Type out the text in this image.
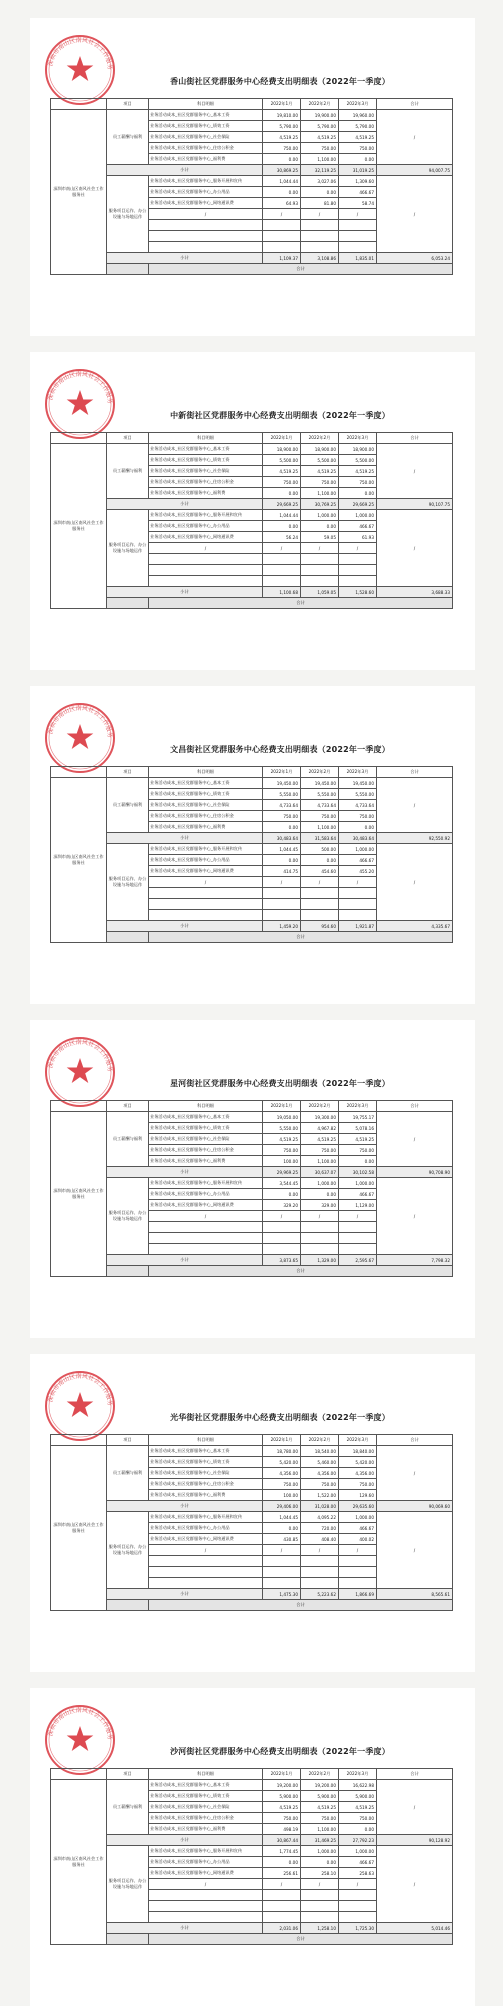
深圳市南山区南风社会工作服务
香山街社区党群服务中心经费支出明细表（2022年一季度）
	项目	科目明细	2022年1月	2022年2月	2022年3月	合计	
深圳市南山区南风社会工作服务社	员工薪酬与福利	业务活动成本_社区党群服务中心_基本工资	19,810.00	19,900.00	19,960.00	/	
		业务活动成本_社区党群服务中心_绩效工资	5,790.00	5,790.00	5,790.00		
		业务活动成本_社区党群服务中心_社会保险	4,519.25	4,519.25	4,519.25		
		业务活动成本_社区党群服务中心_住房公积金	750.00	750.00	750.00		
		业务活动成本_社区党群服务中心_福利费	0.00	1,100.00	0.00		
	小计		30,869.25	32,119.25	31,019.25	94,007.75	
	服务项目运作、办公设施与场地运作	业务活动成本_社区党群服务中心_服务开展和宣传	1,044.44	3,027.06	1,309.60	/	
		业务活动成本_社区党群服务中心_办公用品	0.00	0.00	466.67		
		业务活动成本_社区党群服务中心_网络通讯费	64.93	81.80	58.74		
		/	/	/	/		

	小计		1,109.37	3,108.86	1,835.01	6,053.24	
		合计	
深圳市南山区南风社会工作服务
中新街社区党群服务中心经费支出明细表（2022年一季度）
	项目	科目明细	2022年1月	2022年2月	2022年3月	合计	
深圳市南山区南风社会工作服务社	员工薪酬与福利	业务活动成本_社区党群服务中心_基本工资	18,900.00	18,900.00	18,900.00	/	
		业务活动成本_社区党群服务中心_绩效工资	5,500.00	5,500.00	5,500.00		
		业务活动成本_社区党群服务中心_社会保险	4,519.25	4,519.25	4,519.25		
		业务活动成本_社区党群服务中心_住房公积金	750.00	750.00	750.00		
		业务活动成本_社区党群服务中心_福利费	0.00	1,100.00	0.00		
	小计		29,669.25	30,769.25	29,669.25	90,107.75	
	服务项目运作、办公设施与场地运作	业务活动成本_社区党群服务中心_服务开展和宣传	1,044.44	1,000.00	1,000.00	/	
		业务活动成本_社区党群服务中心_办公用品	0.00	0.00	466.67		
		业务活动成本_社区党群服务中心_网络通讯费	56.24	59.05	61.93		
		/	/	/	/		

	小计		1,100.68	1,059.05	1,528.60	3,688.33	
		合计	
深圳市南山区南风社会工作服务
文昌街社区党群服务中心经费支出明细表（2022年一季度）
	项目	科目明细	2022年1月	2022年2月	2022年3月	合计	
深圳市南山区南风社会工作服务社	员工薪酬与福利	业务活动成本_社区党群服务中心_基本工资	19,450.00	19,450.00	19,450.00	/	
		业务活动成本_社区党群服务中心_绩效工资	5,550.00	5,550.00	5,550.00		
		业务活动成本_社区党群服务中心_社会保险	4,733.64	4,733.64	4,733.64		
		业务活动成本_社区党群服务中心_住房公积金	750.00	750.00	750.00		
		业务活动成本_社区党群服务中心_福利费	0.00	1,100.00	0.00		
	小计		30,483.64	31,583.64	30,483.64	92,550.92	
	服务项目运作、办公设施与场地运作	业务活动成本_社区党群服务中心_服务开展和宣传	1,044.45	500.00	1,000.00	/	
		业务活动成本_社区党群服务中心_办公用品	0.00	0.00	466.67		
		业务活动成本_社区党群服务中心_网络通讯费	414.75	454.60	455.20		
		/	/	/	/		

	小计		1,459.20	954.60	1,921.87	4,335.67	
		合计	
深圳市南山区南风社会工作服务
星河街社区党群服务中心经费支出明细表（2022年一季度）
	项目	科目明细	2022年1月	2022年2月	2022年3月	合计	
深圳市南山区南风社会工作服务社	员工薪酬与福利	业务活动成本_社区党群服务中心_基本工资	19,050.00	19,300.00	19,755.17	/	
		业务活动成本_社区党群服务中心_绩效工资	5,550.00	4,967.82	5,078.16		
		业务活动成本_社区党群服务中心_社会保险	4,519.25	4,519.25	4,519.25		
		业务活动成本_社区党群服务中心_住房公积金	750.00	750.00	750.00		
		业务活动成本_社区党群服务中心_福利费	100.00	1,100.00	0.00		
	小计		29,969.25	30,637.07	30,102.58	90,708.90	
	服务项目运作、办公设施与场地运作	业务活动成本_社区党群服务中心_服务开展和宣传	3,544.45	1,000.00	1,000.00	/	
		业务活动成本_社区党群服务中心_办公用品	0.00	0.00	466.67		
		业务活动成本_社区党群服务中心_网络通讯费	329.20	329.00	1,129.00		
		/	/	/	/		

	小计		3,873.65	1,329.00	2,595.67	7,798.32	
		合计	
深圳市南山区南风社会工作服务
光华街社区党群服务中心经费支出明细表（2022年一季度）
	项目	科目明细	2022年1月	2022年2月	2022年3月	合计	
深圳市南山区南风社会工作服务社	员工薪酬与福利	业务活动成本_社区党群服务中心_基本工资	18,780.00	18,540.00	18,840.00	/	
		业务活动成本_社区党群服务中心_绩效工资	5,420.00	5,460.00	5,420.00		
		业务活动成本_社区党群服务中心_社会保险	4,356.00	4,356.00	4,356.00		
		业务活动成本_社区党群服务中心_住房公积金	750.00	750.00	750.00		
		业务活动成本_社区党群服务中心_福利费	100.00	1,522.00	129.60		
	小计		29,406.00	31,028.00	29,635.60	90,069.60	
	服务项目运作、办公设施与场地运作	业务活动成本_社区党群服务中心_服务开展和宣传	1,044.45	4,095.22	1,000.00	/	
		业务活动成本_社区党群服务中心_办公用品	0.00	720.00	466.67		
		业务活动成本_社区党群服务中心_网络通讯费	430.85	408.40	400.02		
		/	/	/	/		

	小计		1,475.30	5,223.62	1,866.69	8,565.61	
		合计	
深圳市南山区南风社会工作服务
沙河街社区党群服务中心经费支出明细表（2022年一季度）
	项目	科目明细	2022年1月	2022年2月	2022年3月	合计	
深圳市南山区南风社会工作服务社	员工薪酬与福利	业务活动成本_社区党群服务中心_基本工资	19,200.00	19,200.00	16,622.98	/	
		业务活动成本_社区党群服务中心_绩效工资	5,900.00	5,900.00	5,900.00		
		业务活动成本_社区党群服务中心_社会保险	4,519.25	4,519.25	4,519.25		
		业务活动成本_社区党群服务中心_住房公积金	750.00	750.00	750.00		
		业务活动成本_社区党群服务中心_福利费	498.19	1,100.00	0.00		
	小计		30,867.44	31,469.25	27,792.23	90,128.92	
	服务项目运作、办公设施与场地运作	业务活动成本_社区党群服务中心_服务开展和宣传	1,774.45	1,000.00	1,000.00	/	
		业务活动成本_社区党群服务中心_办公用品	0.00	0.00	466.67		
		业务活动成本_社区党群服务中心_网络通讯费	256.61	258.10	258.63		
		/	/	/	/		

	小计		2,031.06	1,258.10	1,725.30	5,014.46	
		合计	
